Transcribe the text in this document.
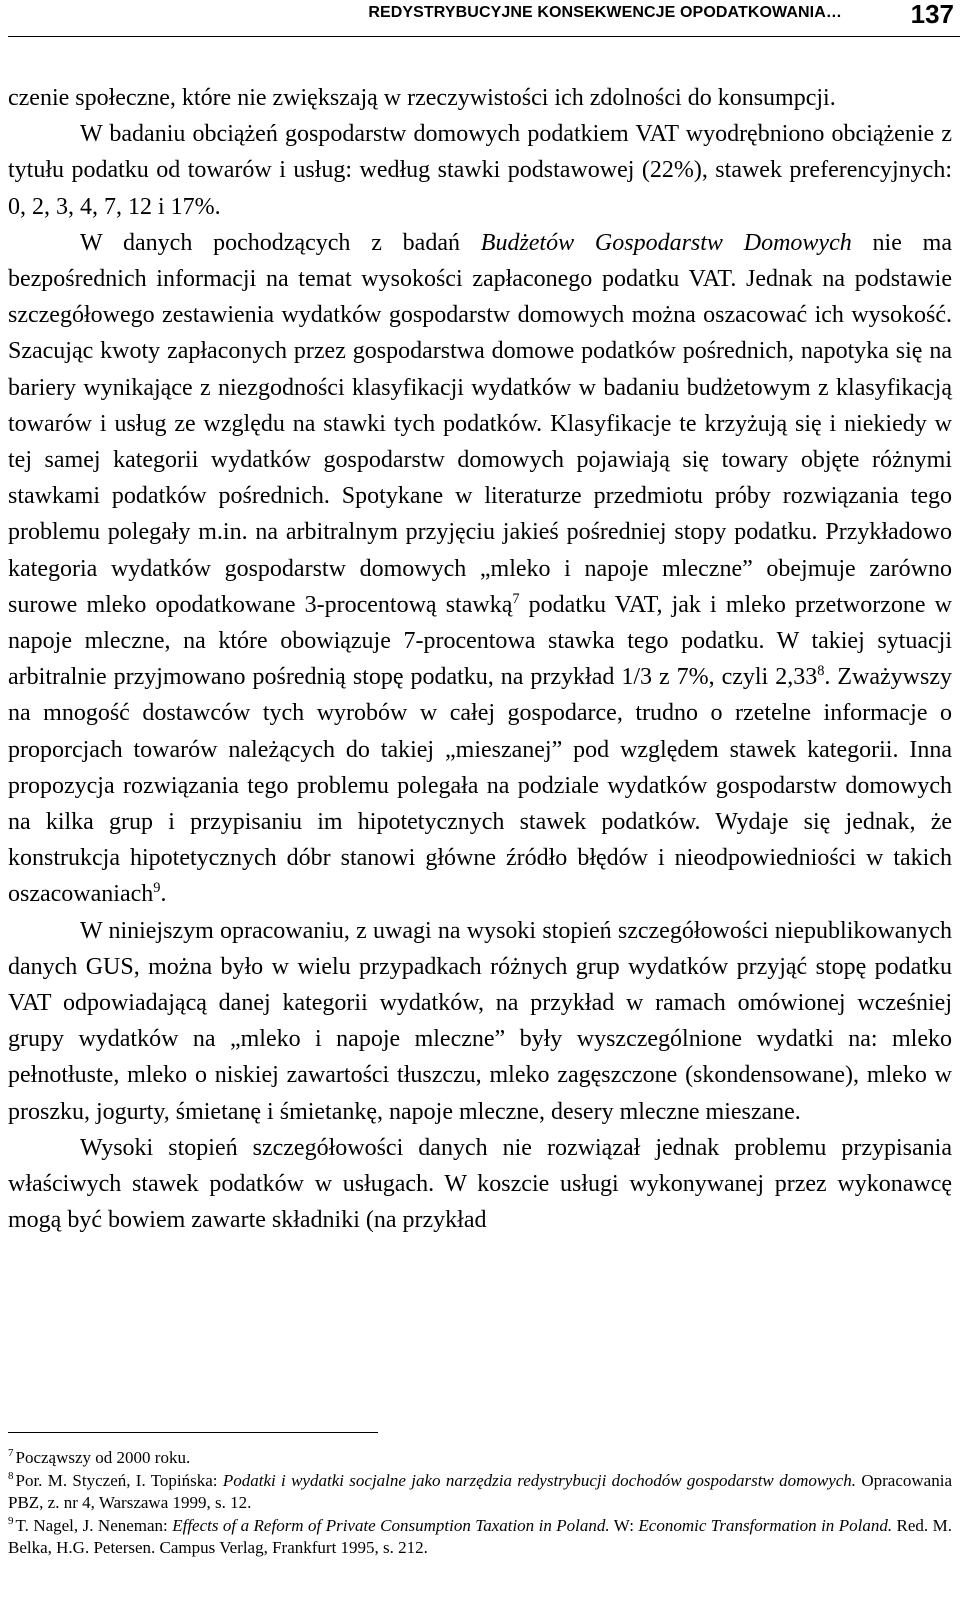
REDYSTRYBUCYJNE KONSEKWENCJE OPODATKOWANIA…	137

czenie społeczne, które nie zwiększają w rzeczywistości ich zdolności do konsumpcji.

W badaniu obciążeń gospodarstw domowych podatkiem VAT wyodrębniono obciążenie z tytułu podatku od towarów i usług: według stawki podstawowej (22%), stawek preferencyjnych: 0, 2, 3, 4, 7, 12 i 17%.

W danych pochodzących z badań Budżetów Gospodarstw Domowych nie ma bezpośrednich informacji na temat wysokości zapłaconego podatku VAT. Jednak na podstawie szczegółowego zestawienia wydatków gospodarstw domowych można oszacować ich wysokość. Szacując kwoty zapłaconych przez gospodarstwa domowe podatków pośrednich, napotyka się na bariery wynikające z niezgodności klasyfikacji wydatków w badaniu budżetowym z klasyfikacją towarów i usług ze względu na stawki tych podatków. Klasyfikacje te krzyżują się i niekiedy w tej samej kategorii wydatków gospodarstw domowych pojawiają się towary objęte różnymi stawkami podatków pośrednich. Spotykane w literaturze przedmiotu próby rozwiązania tego problemu polegały m.in. na arbitralnym przyjęciu jakieś pośredniej stopy podatku. Przykładowo kategoria wydatków gospodarstw domowych „mleko i napoje mleczne” obejmuje zarówno surowe mleko opodatkowane 3-procentową stawką$^7$ podatku VAT, jak i mleko przetworzone w napoje mleczne, na które obowiązuje 7-procentowa stawka tego podatku. W takiej sytuacji arbitralnie przyjmowano pośrednią stopę podatku, na przykład 1/3 z 7%, czyli 2,33$^8$. Zważywszy na mnogość dostawców tych wyrobów w całej gospodarce, trudno o rzetelne informacje o proporcjach towarów należących do takiej „mieszanej” pod względem stawek kategorii. Inna propozycja rozwiązania tego problemu polegała na podziale wydatków gospodarstw domowych na kilka grup i przypisaniu im hipotetycznych stawek podatków. Wydaje się jednak, że konstrukcja hipotetycznych dóbr stanowi główne źródło błędów i nieodpowiedniości w takich oszacowaniach$^9$.

W niniejszym opracowaniu, z uwagi na wysoki stopień szczegółowości niepublikowanych danych GUS, można było w wielu przypadkach różnych grup wydatków przyjąć stopę podatku VAT odpowiadającą danej kategorii wydatków, na przykład w ramach omówionej wcześniej grupy wydatków na „mleko i napoje mleczne” były wyszczególnione wydatki na: mleko pełnotłuste, mleko o niskiej zawartości tłuszczu, mleko zagęszczone (skondensowane), mleko w proszku, jogurty, śmietanę i śmietankę, napoje mleczne, desery mleczne mieszane.

Wysoki stopień szczegółowości danych nie rozwiązał jednak problemu przypisania właściwych stawek podatków w usługach. W koszcie usługi wykonywanej przez wykonawcę mogą być bowiem zawarte składniki (na przykład

$^7$ Począwszy od 2000 roku.

$^8$ Por. M. Styczeń, I. Topińska: Podatki i wydatki socjalne jako narzędzia redystrybucji dochodów gospodarstw domowych. Opracowania PBZ, z. nr 4, Warszawa 1999, s. 12.

$^9$ T. Nagel, J. Neneman: Effects of a Reform of Private Consumption Taxation in Poland. W: Economic Transformation in Poland. Red. M. Belka, H.G. Petersen. Campus Verlag, Frankfurt 1995, s. 212.
